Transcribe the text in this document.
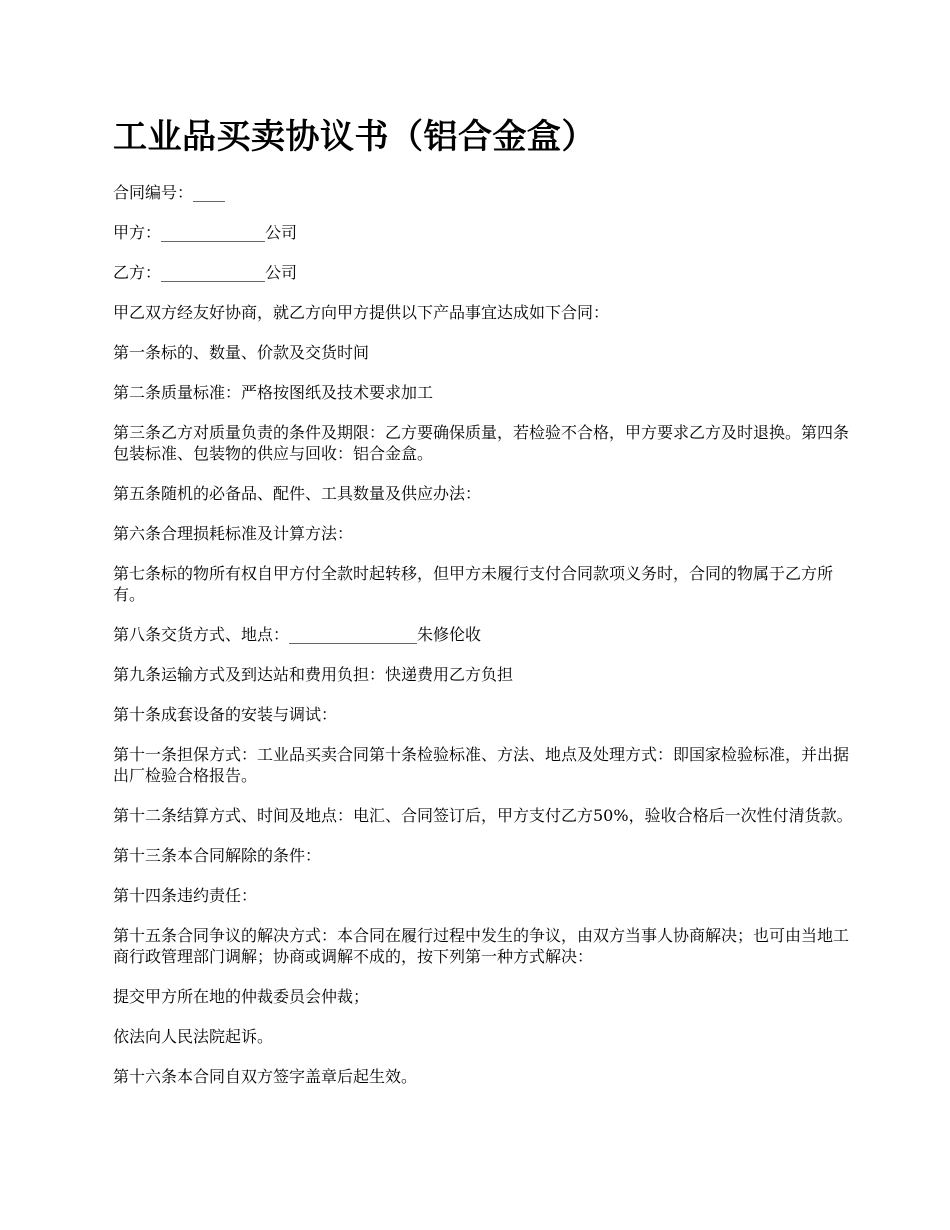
工业品买卖协议书（铝合金盒）

合同编号：____

甲方：_____________公司

乙方：_____________公司

甲乙双方经友好协商，就乙方向甲方提供以下产品事宜达成如下合同：

第一条标的、数量、价款及交货时间

第二条质量标准：严格按图纸及技术要求加工

第三条乙方对质量负责的条件及期限：乙方要确保质量，若检验不合格，甲方要求乙方及时退换。第四条包装标准、包装物的供应与回收：铝合金盒。

第五条随机的必备品、配件、工具数量及供应办法：

第六条合理损耗标准及计算方法：

第七条标的物所有权自甲方付全款时起转移，但甲方未履行支付合同款项义务时，合同的物属于乙方所有。

第八条交货方式、地点：________________朱修伦收

第九条运输方式及到达站和费用负担：快递费用乙方负担

第十条成套设备的安装与调试：

第十一条担保方式：工业品买卖合同第十条检验标准、方法、地点及处理方式：即国家检验标准，并出据出厂检验合格报告。

第十二条结算方式、时间及地点：电汇、合同签订后，甲方支付乙方50%，验收合格后一次性付清货款。

第十三条本合同解除的条件：

第十四条违约责任：

第十五条合同争议的解决方式：本合同在履行过程中发生的争议，由双方当事人协商解决；也可由当地工商行政管理部门调解；协商或调解不成的，按下列第一种方式解决：

提交甲方所在地的仲裁委员会仲裁；

依法向人民法院起诉。

第十六条本合同自双方签字盖章后起生效。
